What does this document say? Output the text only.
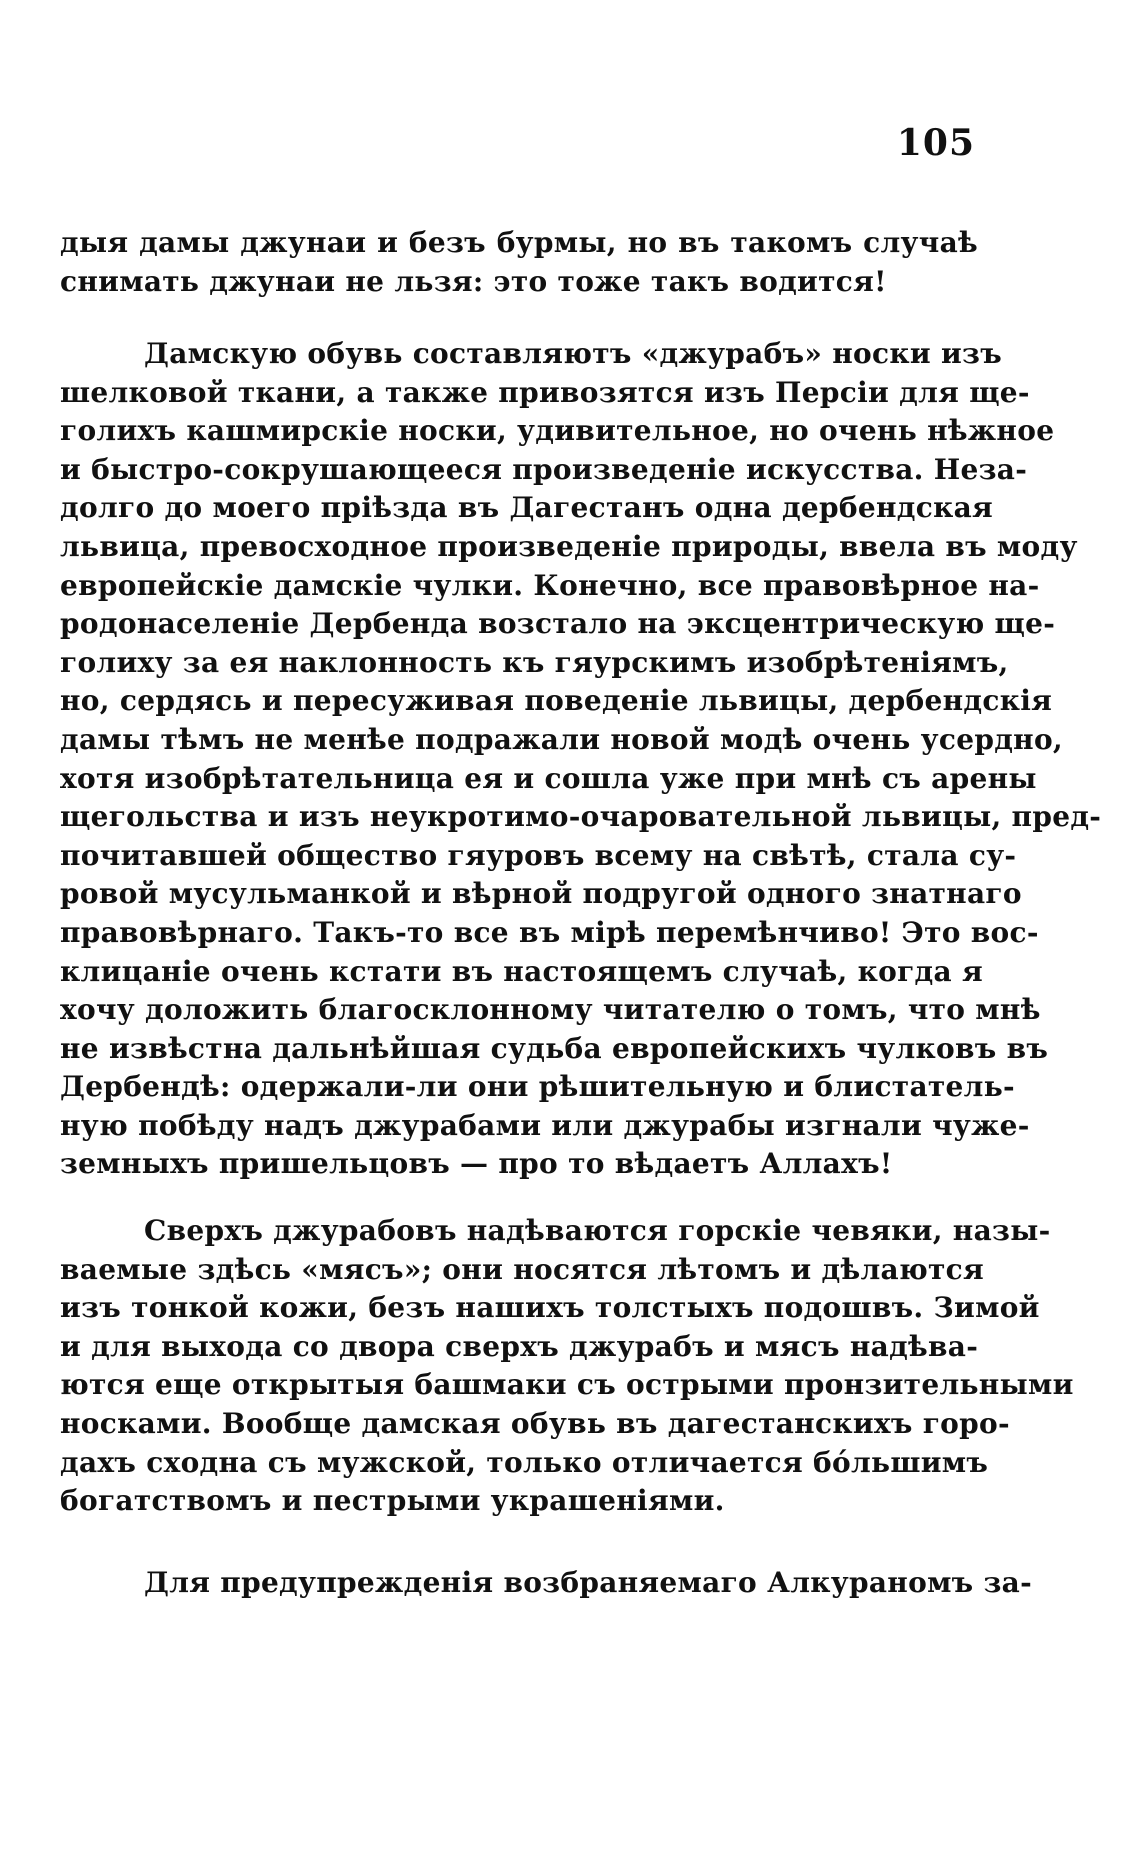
105
дыя дамы джунаи и безъ бурмы, но въ такомъ случаѣ
снимать джунаи не льзя: это тоже такъ водится!
Дамскую обувь составляютъ «джурабъ» носки изъ
шелковой ткани, а также привозятся изъ Персіи для ще-
голихъ кашмирскіе носки, удивительное, но очень нѣжное
и быстро-сокрушающееся произведеніе искусства. Неза-
долго до моего прiѣзда въ Дагестанъ одна дербендская
львица, превосходное произведеніе природы, ввела въ моду
европейскіе дамскіе чулки. Конечно, все правовѣрное на-
родонаселеніе Дербенда возстало на эксцентрическую ще-
голиху за ея наклонность къ гяурскимъ изобрѣтеніямъ,
но, сердясь и пересуживая поведеніе львицы, дербендскія
дамы тѣмъ не менѣе подражали новой модѣ очень усердно,
хотя изобрѣтательница ея и сошла уже при мнѣ съ арены
щегольства и изъ неукротимо-очаровательной львицы, пред-
почитавшей общество гяуровъ всему на свѣтѣ, стала су-
ровой мусульманкой и вѣрной подругой одного знатнаго
правовѣрнаго. Такъ-то все въ мiрѣ перемѣнчиво! Это вос-
клицаніе очень кстати въ настоящемъ случаѣ, когда я
хочу доложить благосклонному читателю о томъ, что мнѣ
не извѣстна дальнѣйшая судьба европейскихъ чулковъ въ
Дербендѣ: одержали-ли они рѣшительную и блистатель-
ную побѣду надъ джурабами или джурабы изгнали чуже-
земныхъ пришельцовъ — про то вѣдаетъ Аллахъ!
Сверхъ джурабовъ надѣваются горскіе чевяки, назы-
ваемые здѣсь «мясъ»; они носятся лѣтомъ и дѣлаются
изъ тонкой кожи, безъ нашихъ толстыхъ подошвъ. Зимой
и для выхода со двора сверхъ джурабъ и мясъ надѣва-
ются еще открытыя башмаки съ острыми пронзительными
носками. Вообще дамская обувь въ дагестанскихъ горо-
дахъ сходна съ мужской, только отличается бо́льшимъ
богатствомъ и пестрыми украшеніями.
Для предупрежденія возбраняемаго Алкураномъ за-
